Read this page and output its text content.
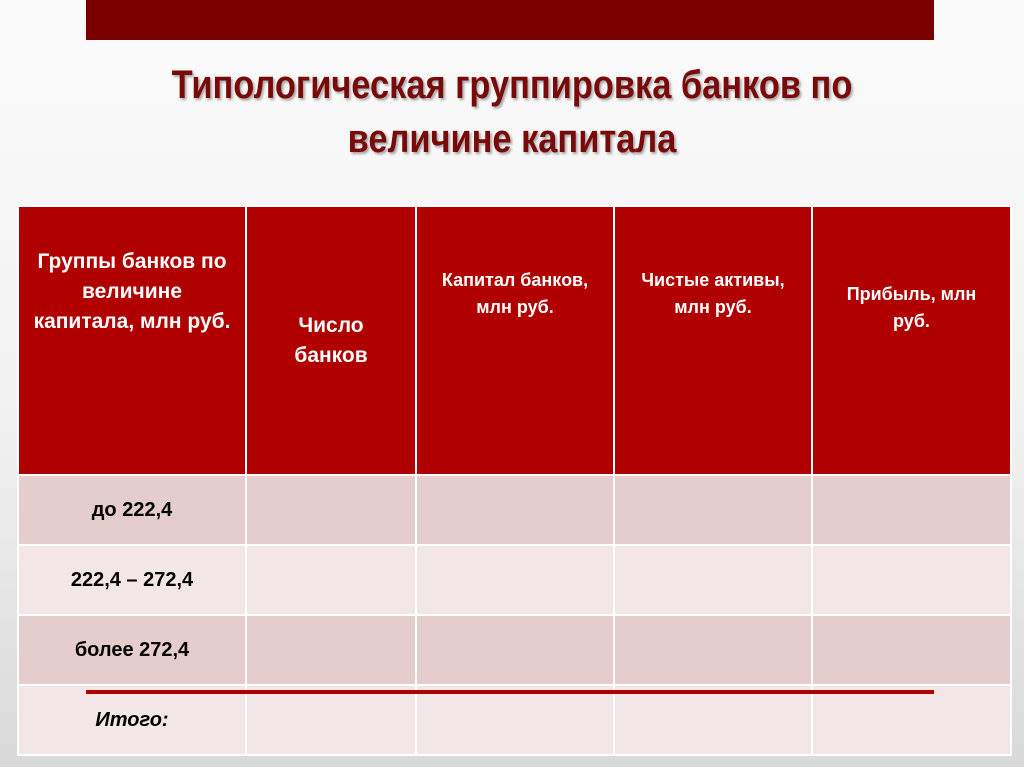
Типологическая группировка банков по
величине капитала
Группы банков по величине капитала, млн руб.	Число банков	Капитал банков, млн руб.	Чистые активы, млн руб.	Прибыль, млн руб.
до 222,4				
222,4 – 272,4				
более 272,4				
Итого:				
